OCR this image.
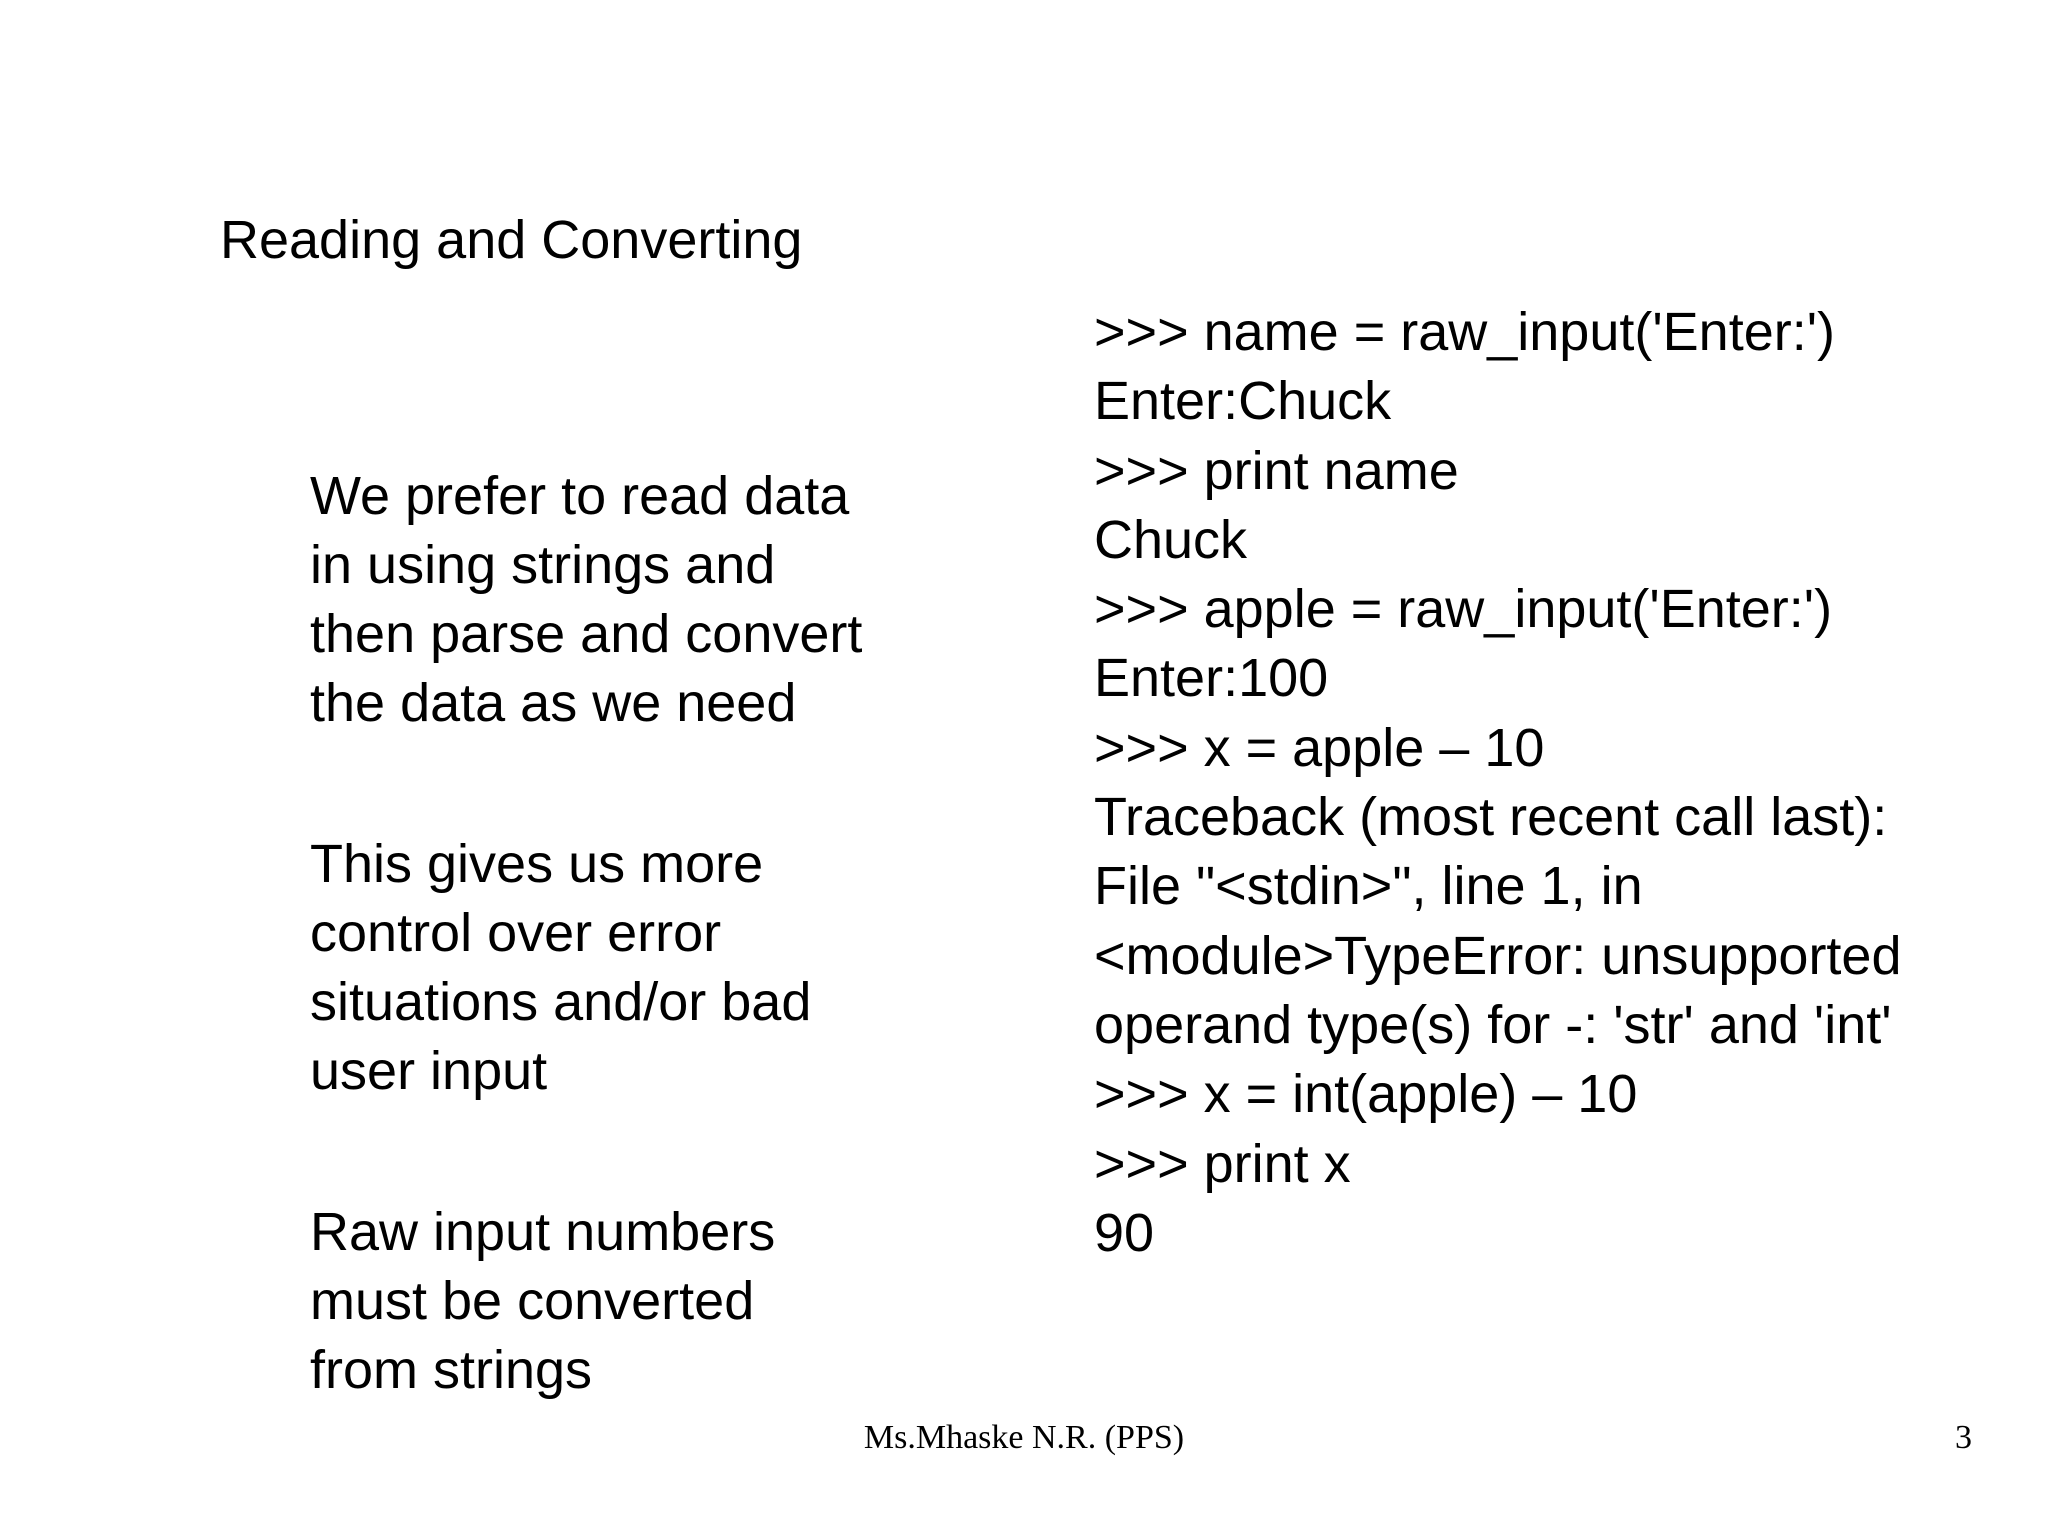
Reading and Converting

We prefer to read data
in using strings and
then parse and convert
the data as we need

This gives us more
control over error
situations and/or bad
user input

Raw input numbers
must be converted
from strings

>>> name = raw_input('Enter:')
Enter:Chuck
>>> print name
Chuck
>>> apple = raw_input('Enter:')
Enter:100
>>> x = apple – 10
Traceback (most recent call last):
File "<stdin>", line 1, in
<module>TypeError: unsupported
operand type(s) for -: 'str' and 'int'
>>> x = int(apple) – 10
>>> print x
90
Ms.Mhaske N.R. (PPS)	3
